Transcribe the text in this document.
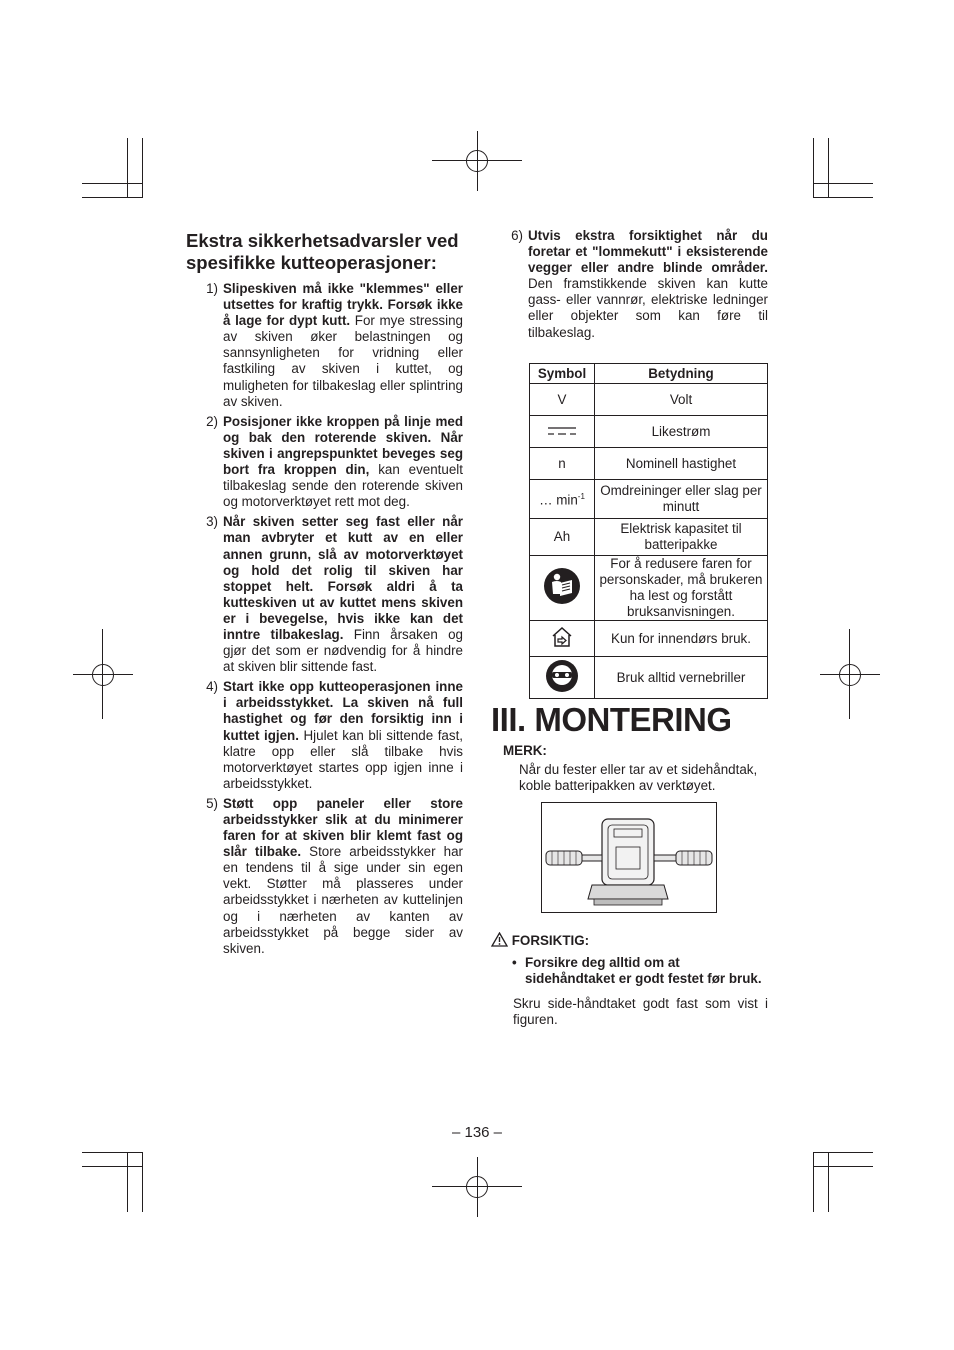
Ekstra sikkerhetsadvarsler ved spesifikke kutteoperasjoner:
1) Slipeskiven må ikke "klemmes" eller utsettes for kraftig trykk. Forsøk ikke å lage for dypt kutt. For mye stressing av skiven øker belastningen og sannsynligheten for vridning eller fastkiling av skiven i kuttet, og muligheten for tilbakeslag eller splintring av skiven.
2) Posisjoner ikke kroppen på linje med og bak den roterende skiven. Når skiven i angrepspunktet beveges seg bort fra kroppen din, kan eventuelt tilbakeslag sende den roterende skiven og motorverktøyet rett mot deg.
3) Når skiven setter seg fast eller når man avbryter et kutt av en eller annen grunn, slå av motorverktøyet og hold det rolig til skiven har stoppet helt. Forsøk aldri å ta kutteskiven ut av kuttet mens skiven er i bevegelse, hvis ikke kan det inntre tilbakeslag. Finn årsaken og gjør det som er nødvendig for å hindre at skiven blir sittende fast.
4) Start ikke opp kutteoperasjonen inne i arbeidsstykket. La skiven nå full hastighet og før den forsiktig inn i kuttet igjen. Hjulet kan bli sittende fast, klatre opp eller slå tilbake hvis motorverktøyet startes opp igjen inne i arbeidsstykket.
5) Støtt opp paneler eller store arbeidsstykker slik at du minimerer faren for at skiven blir klemt fast og slår tilbake. Store arbeidsstykker har en tendens til å sige under sin egen vekt. Støtter må plasseres under arbeidsstykket i nærheten av kuttelinjen og i nærheten av kanten av arbeidsstykket på begge sider av skiven.
6) Utvis ekstra forsiktighet når du foretar et "lommekutt" i eksisterende vegger eller andre blinde områder. Den framstikkende skiven kan kutte gass- eller vannrør, elektriske ledninger eller objekter som kan føre til tilbakeslag.
Symbol	Betydning
V	Volt
	Likestrøm
n	Nominell hastighet
… $\min^{-1}$	Omdreininger eller slag per minutt
Ah	Elektrisk kapasitet til batteripakke
	For å redusere faren for personskader, må brukeren ha lest og forstått bruksanvisningen.
	Kun for innendørs bruk.
	Bruk alltid vernebriller
III. MONTERING
MERK:
Når du fester eller tar av et sidehåndtak, koble batteripakken av verktøyet.
FORSIKTIG:
• Forsikre deg alltid om at sidehåndtaket er godt festet før bruk.
Skru side-håndtaket godt fast som vist i figuren.
– 136 –
